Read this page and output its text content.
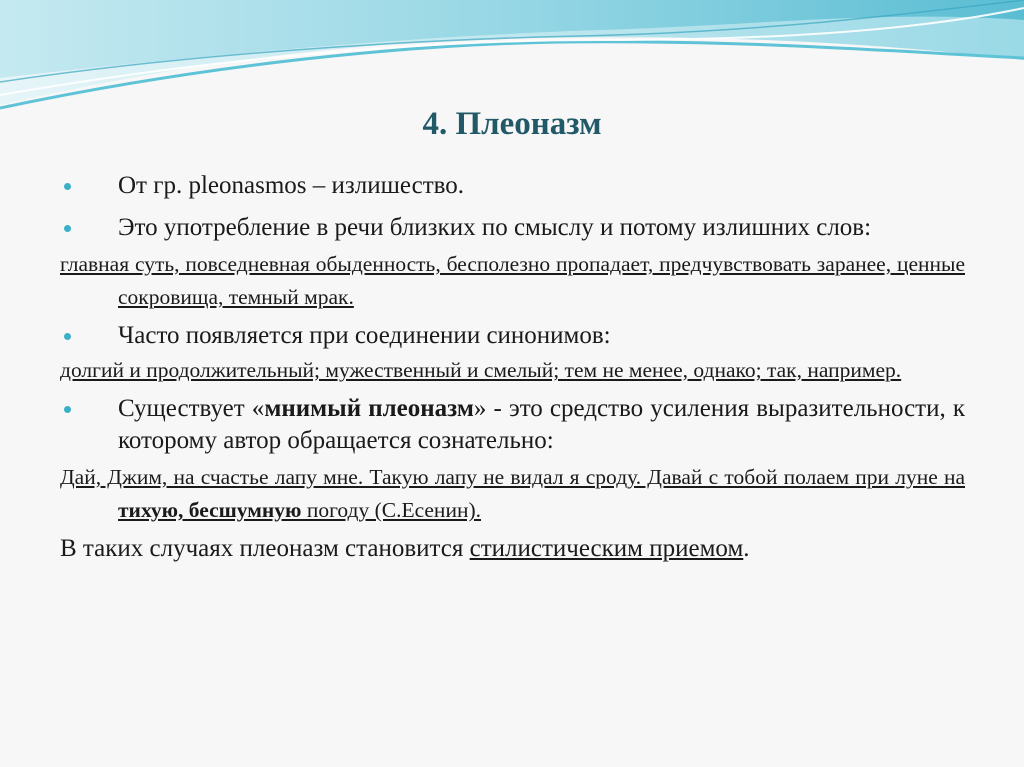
4. Плеоназм

От гр. pleonasmos – излишество.

Это употребление в речи близких по смыслу и потому излишних слов:

главная суть, повседневная обыденность, бесполезно пропадает, предчувствовать заранее, ценные сокровища, темный мрак.

Часто появляется при соединении синонимов:

долгий и продолжительный; мужественный и смелый; тем не менее, однако; так, например.

Существует «мнимый плеоназм» - это средство усиления выразительности, к которому автор обращается сознательно:

Дай, Джим, на счастье лапу мне. Такую лапу не видал я сроду. Давай с тобой полаем при луне на тихую, бесшумную погоду (С.Есенин).

В таких случаях плеоназм становится стилистическим приемом.
